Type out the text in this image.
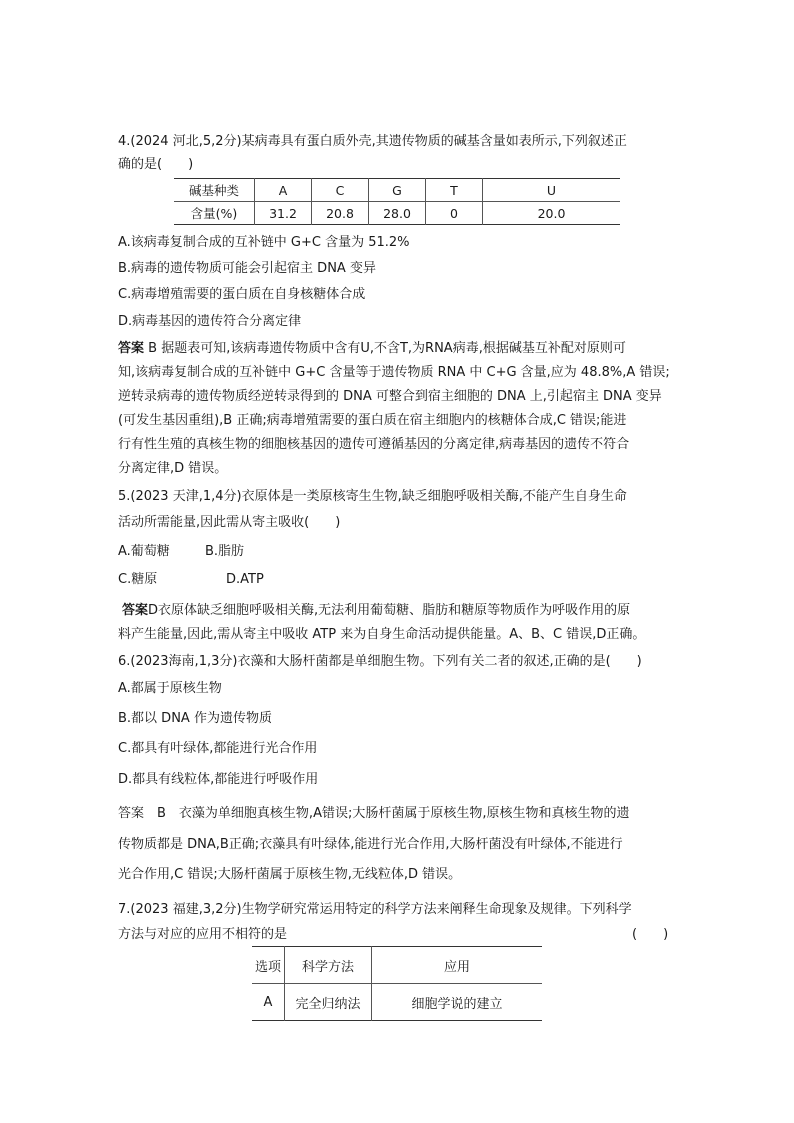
4.(2024 河北,5,2分)某病毒具有蛋白质外壳,其遗传物质的碱基含量如表所示,下列叙述正
确的是(　　)
碱基种类	A	C	G	T	U
含量(%)	31.2	20.8	28.0	0	20.0
A.该病毒复制合成的互补链中 G+C 含量为 51.2%
B.病毒的遗传物质可能会引起宿主 DNA 变异
C.病毒增殖需要的蛋白质在自身核糖体合成
D.病毒基因的遗传符合分离定律
答案 B 据题表可知,该病毒遗传物质中含有U,不含T,为RNA病毒,根据碱基互补配对原则可
知,该病毒复制合成的互补链中 G+C 含量等于遗传物质 RNA 中 C+G 含量,应为 48.8%,A 错误;
逆转录病毒的遗传物质经逆转录得到的 DNA 可整合到宿主细胞的 DNA 上,引起宿主 DNA 变异
(可发生基因重组),B 正确;病毒增殖需要的蛋白质在宿主细胞内的核糖体合成,C 错误;能进
行有性生殖的真核生物的细胞核基因的遗传可遵循基因的分离定律,病毒基因的遗传不符合
分离定律,D 错误。
5.(2023 天津,1,4分)衣原体是一类原核寄生生物,缺乏细胞呼吸相关酶,不能产生自身生命
活动所需能量,因此需从寄主吸收(　　)
A.葡萄糖	B.脂肪
C.糖原	D.ATP
答案D衣原体缺乏细胞呼吸相关酶,无法利用葡萄糖、脂肪和糖原等物质作为呼吸作用的原
料产生能量,因此,需从寄主中吸收 ATP 来为自身生命活动提供能量。A、B、C 错误,D正确。
6.(2023海南,1,3分)衣藻和大肠杆菌都是单细胞生物。下列有关二者的叙述,正确的是(　　)
A.都属于原核生物
B.都以 DNA 作为遗传物质
C.都具有叶绿体,都能进行光合作用
D.都具有线粒体,都能进行呼吸作用
答案　B　衣藻为单细胞真核生物,A错误;大肠杆菌属于原核生物,原核生物和真核生物的遗
传物质都是 DNA,B正确;衣藻具有叶绿体,能进行光合作用,大肠杆菌没有叶绿体,不能进行
光合作用,C 错误;大肠杆菌属于原核生物,无线粒体,D 错误。
7.(2023 福建,3,2分)生物学研究常运用特定的科学方法来阐释生命现象及规律。下列科学
方法与对应的应用不相符的是	(　　)
选项	科学方法	应用
A	完全归纳法	细胞学说的建立
